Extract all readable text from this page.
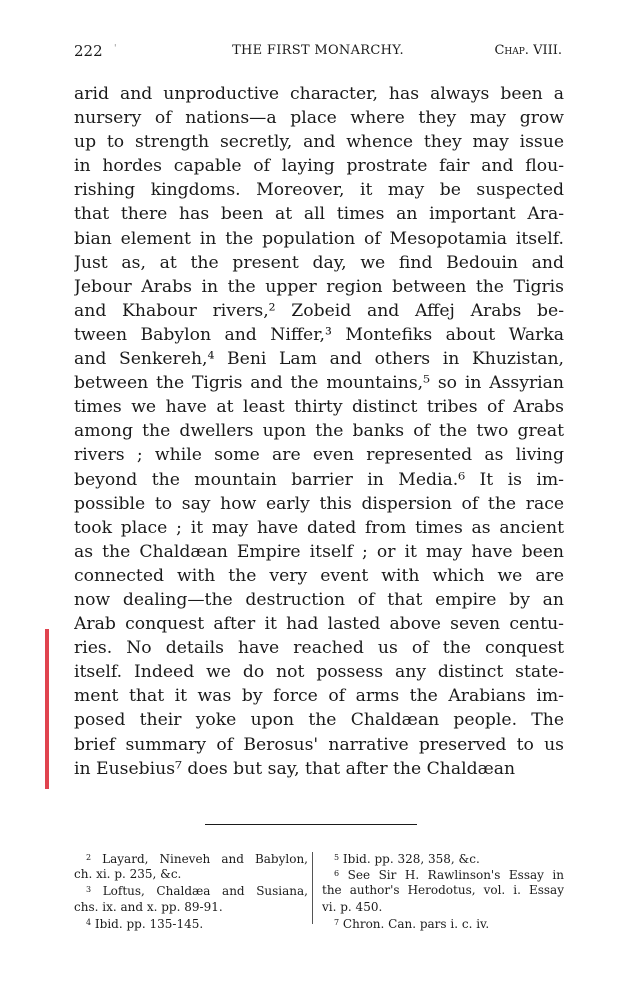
222 '	THE FIRST MONARCHY.	Chap. VIII.
arid and unproductive character, has always been a
nursery of nations—a place where they may grow
up to strength secretly, and whence they may issue
in hordes capable of laying prostrate fair and flou-
rishing kingdoms. Moreover, it may be suspected
that there has been at all times an important Ara-
bian element in the population of Mesopotamia itself.
Just as, at the present day, we find Bedouin and
Jebour Arabs in the upper region between the Tigris
and Khabour rivers,² Zobeid and Affej Arabs be-
tween Babylon and Niffer,³ Montefiks about Warka
and Senkereh,⁴ Beni Lam and others in Khuzistan,
between the Tigris and the mountains,⁵ so in Assyrian
times we have at least thirty distinct tribes of Arabs
among the dwellers upon the banks of the two great
rivers ; while some are even represented as living
beyond the mountain barrier in Media.⁶ It is im-
possible to say how early this dispersion of the race
took place ; it may have dated from times as ancient
as the Chaldæan Empire itself ; or it may have been
connected with the very event with which we are
now dealing—the destruction of that empire by an
Arab conquest after it had lasted above seven centu-
ries. No details have reached us of the conquest
itself. Indeed we do not possess any distinct state-
ment that it was by force of arms the Arabians im-
posed their yoke upon the Chaldæan people. The
brief summary of Berosus' narrative preserved to us
in Eusebius⁷ does but say, that after the Chaldæan
$^2$ Layard, Nineveh and Babylon,
ch. xi. p. 235, &c.
$^3$ Loftus, Chaldæa and Susiana,
chs. ix. and x. pp. 89-91.
$^4$ Ibid. pp. 135-145.
$^5$ Ibid. pp. 328, 358, &c.
$^6$ See Sir H. Rawlinson's Essay in
the author's Herodotus, vol. i. Essay
vi. p. 450.
$^7$ Chron. Can. pars i. c. iv.
